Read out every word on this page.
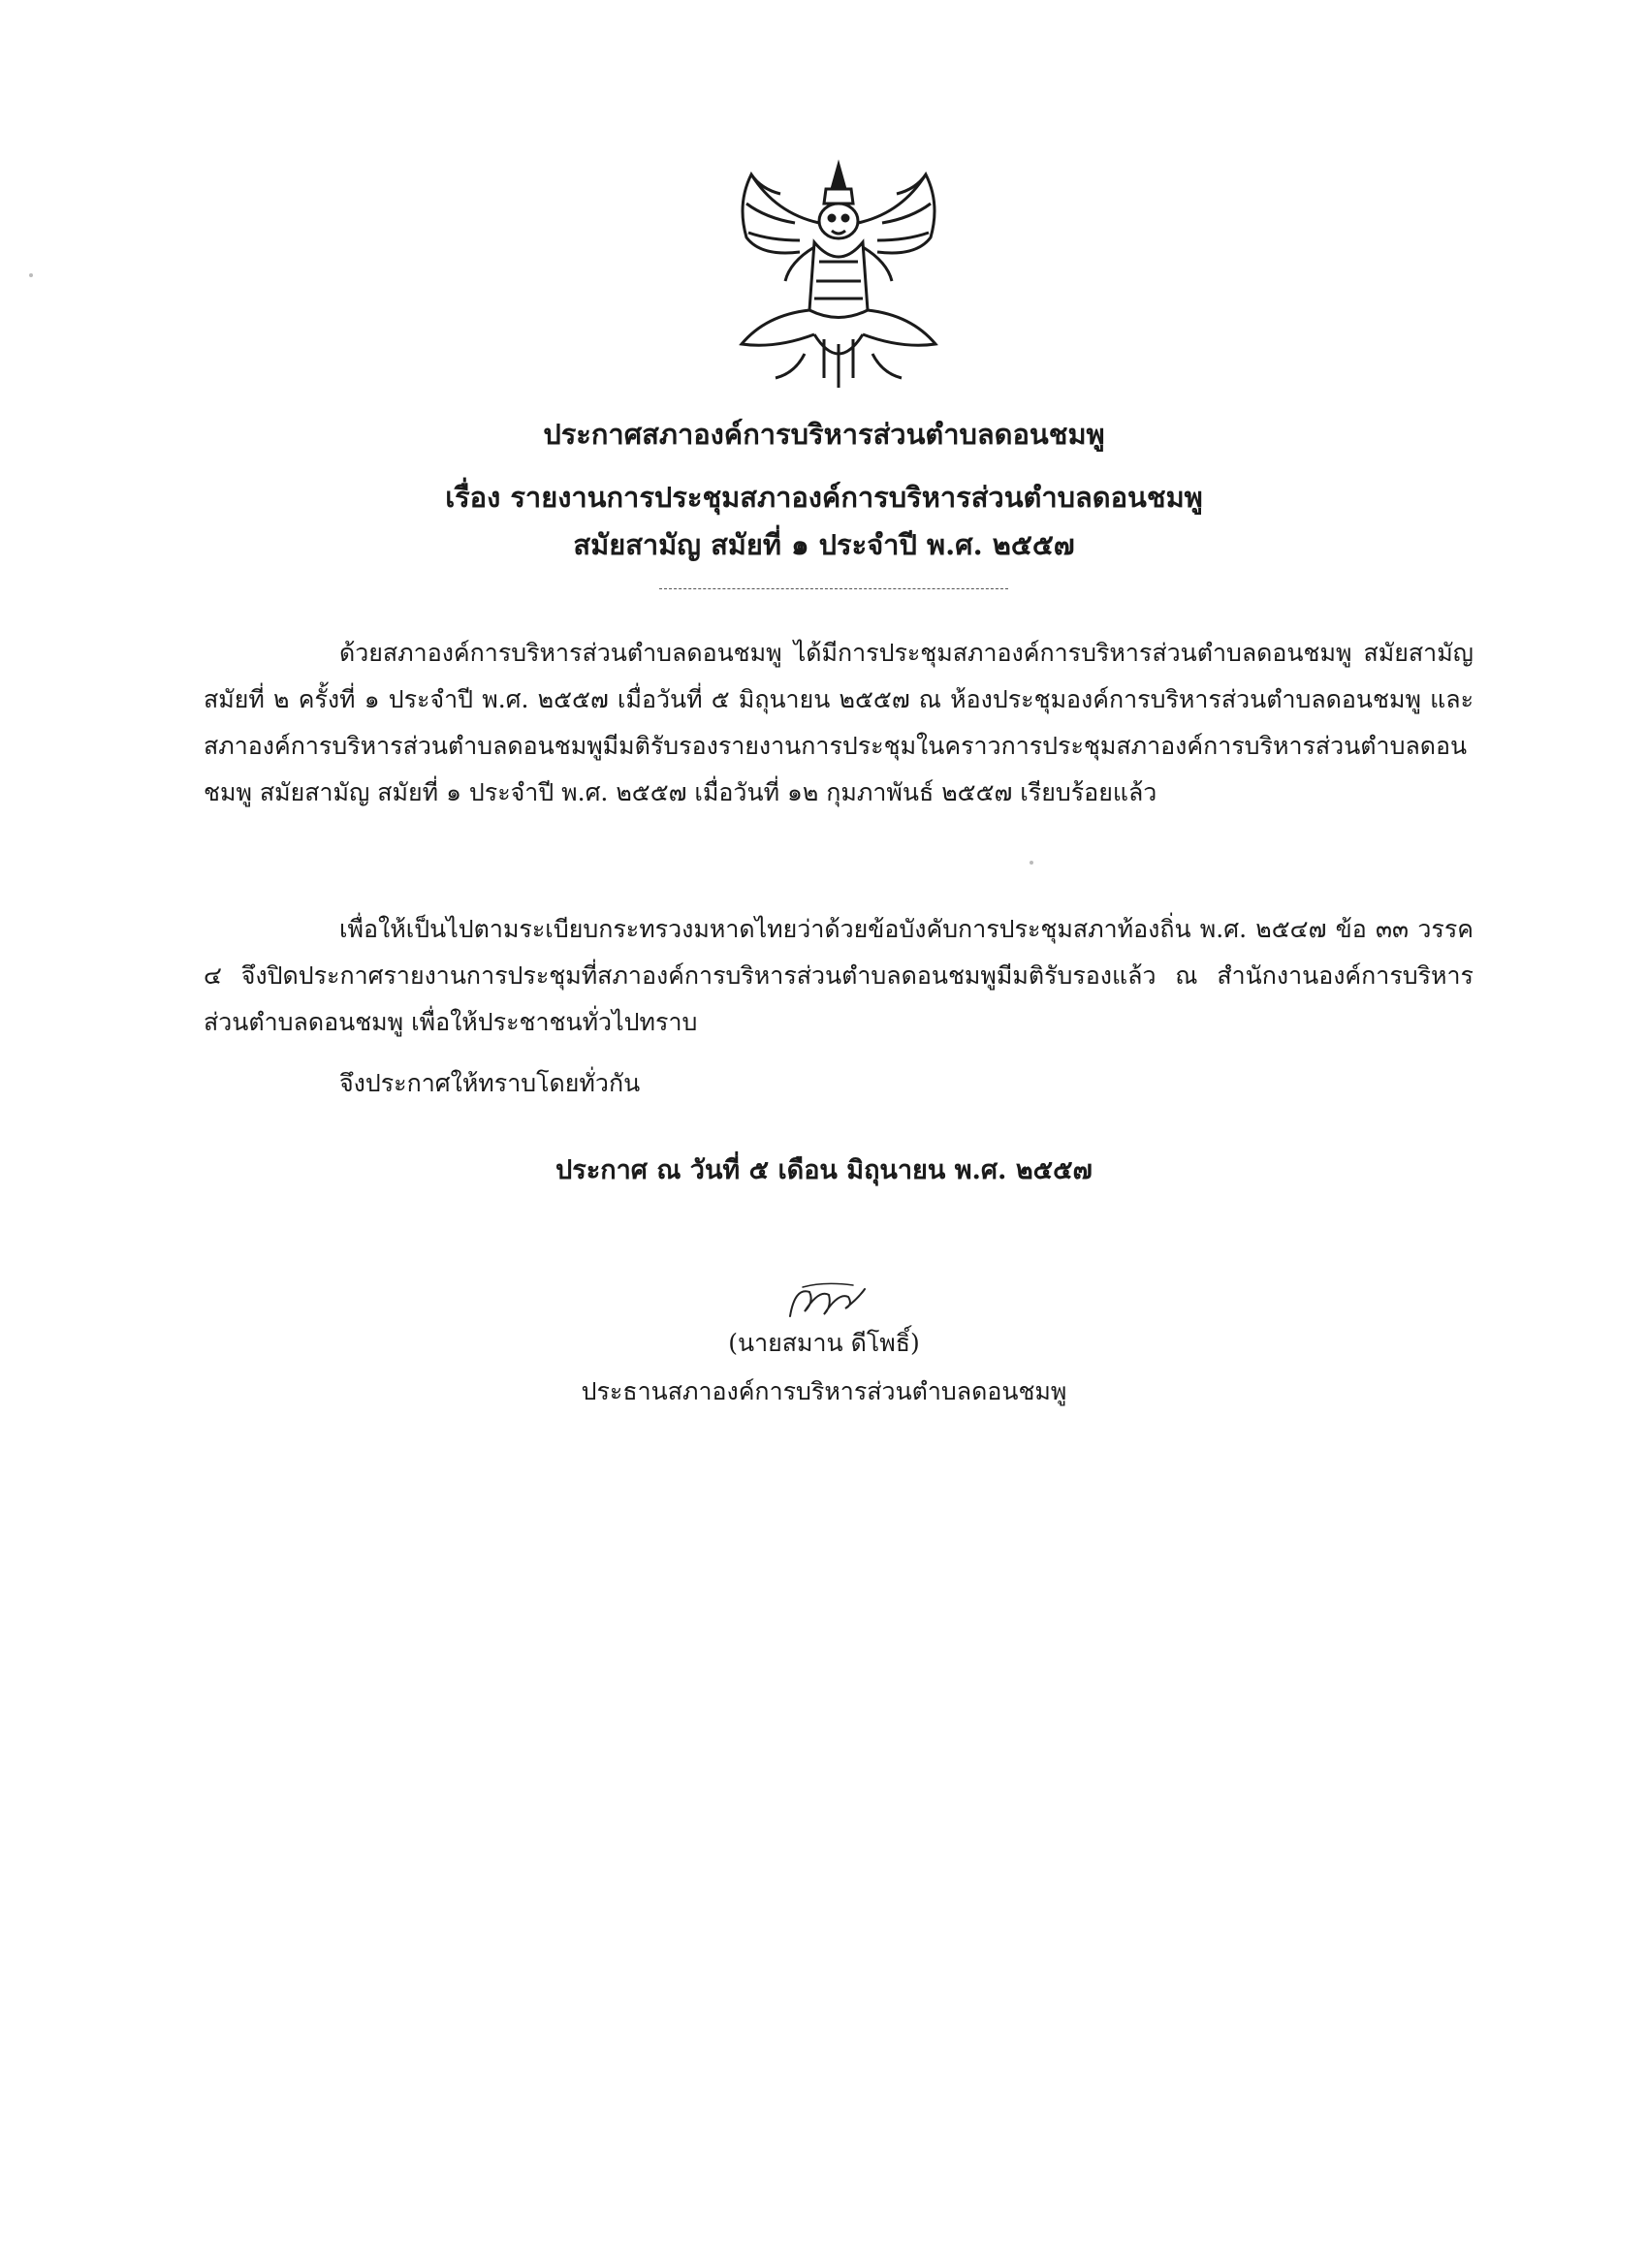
ประกาศสภาองค์การบริหารส่วนตำบลดอนชมพู
เรื่อง รายงานการประชุมสภาองค์การบริหารส่วนตำบลดอนชมพู
สมัยสามัญ สมัยที่ ๑ ประจำปี พ.ศ. ๒๕๕๗
ด้วยสภาองค์การบริหารส่วนตำบลดอนชมพู ได้มีการประชุมสภาองค์การบริหารส่วนตำบลดอนชมพู สมัยสามัญ สมัยที่ ๒ ครั้งที่ ๑ ประจำปี พ.ศ. ๒๕๕๗ เมื่อวันที่ ๕ มิถุนายน ๒๕๕๗ ณ ห้องประชุมองค์การบริหารส่วนตำบลดอนชมพู และสภาองค์การบริหารส่วนตำบลดอนชมพูมีมติรับรองรายงานการประชุมในคราวการประชุมสภาองค์การบริหารส่วนตำบลดอนชมพู สมัยสามัญ สมัยที่ ๑ ประจำปี พ.ศ. ๒๕๕๗ เมื่อวันที่ ๑๒ กุมภาพันธ์ ๒๕๕๗ เรียบร้อยแล้ว
เพื่อให้เป็นไปตามระเบียบกระทรวงมหาดไทยว่าด้วยข้อบังคับการประชุมสภาท้องถิ่น พ.ศ. ๒๕๔๗ ข้อ ๓๓ วรรค ๔ จึงปิดประกาศรายงานการประชุมที่สภาองค์การบริหารส่วนตำบลดอนชมพูมีมติรับรองแล้ว ณ สำนักงานองค์การบริหารส่วนตำบลดอนชมพู เพื่อให้ประชาชนทั่วไปทราบ
จึงประกาศให้ทราบโดยทั่วกัน
ประกาศ ณ วันที่ ๕ เดือน มิถุนายน พ.ศ. ๒๕๕๗
(นายสมาน ดีโพธิ์)
ประธานสภาองค์การบริหารส่วนตำบลดอนชมพู
